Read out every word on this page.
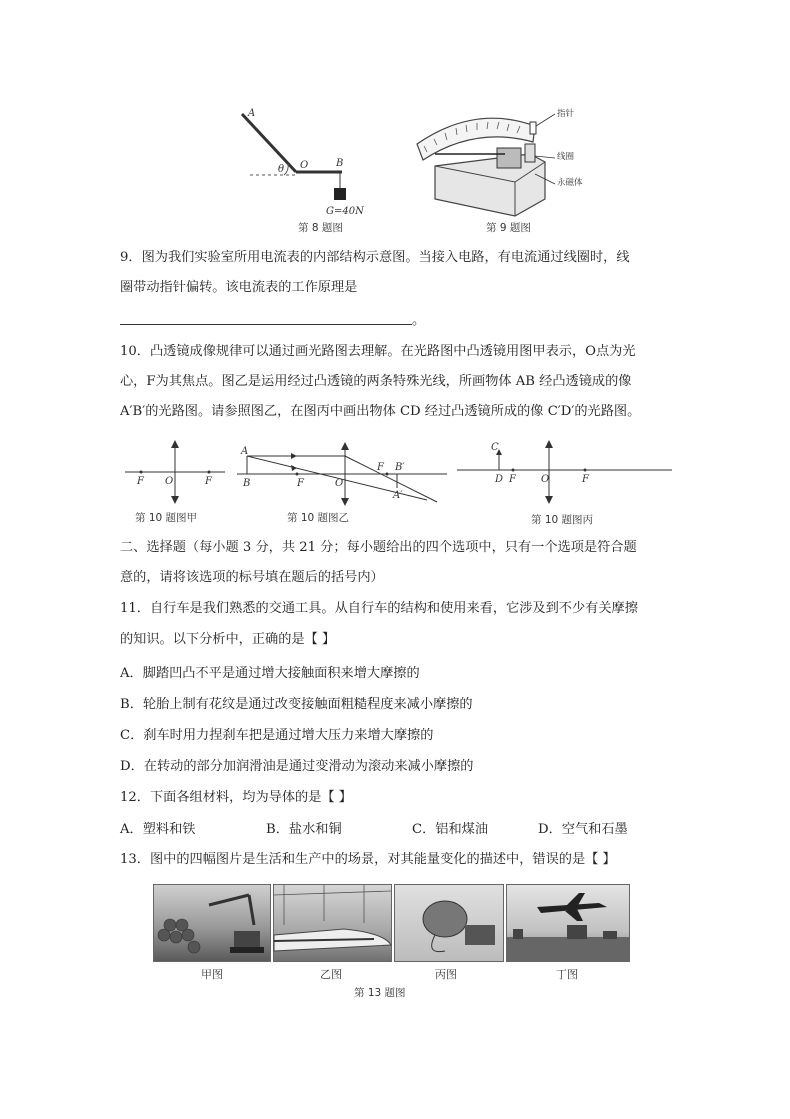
A
O	B
θ
G=40N
第 8 题图
指针
线圈
永磁体
第 9 题图
9．图为我们实验室所用电流表的内部结构示意图。当接入电路，有电流通过线圈时，线
圈带动指针偏转。该电流表的工作原理是
。
10．凸透镜成像规律可以通过画光路图去理解。在光路图中凸透镜用图甲表示，O点为光
心，F为其焦点。图乙是运用经过凸透镜的两条特殊光线，所画物体 AB 经凸透镜成的像
A′B′的光路图。请参照图乙，在图丙中画出物体 CD 经过凸透镜所成的像 C′D′的光路图。
F O	F
第 10 题图甲
A
B	F	O
F B′
A′
第 10 题图乙
C
D F	O	F
第 10 题图丙
二、选择题（每小题 3 分，共 21 分；每小题给出的四个选项中，只有一个选项是符合题
意的，请将该选项的标号填在题后的括号内）
11．自行车是我们熟悉的交通工具。从自行车的结构和使用来看，它涉及到不少有关摩擦
的知识。以下分析中，正确的是【 】
A．脚踏凹凸不平是通过增大接触面积来增大摩擦的
B．轮胎上制有花纹是通过改变接触面粗糙程度来减小摩擦的
C．刹车时用力捏刹车把是通过增大压力来增大摩擦的
D．在转动的部分加润滑油是通过变滑动为滚动来减小摩擦的
12．下面各组材料，均为导体的是【 】
A．塑料和铁	B．盐水和铜	C．铝和煤油	D．空气和石墨
13．图中的四幅图片是生活和生产中的场景，对其能量变化的描述中，错误的是【 】
甲图	乙图	丙图	丁图
第 13 题图
